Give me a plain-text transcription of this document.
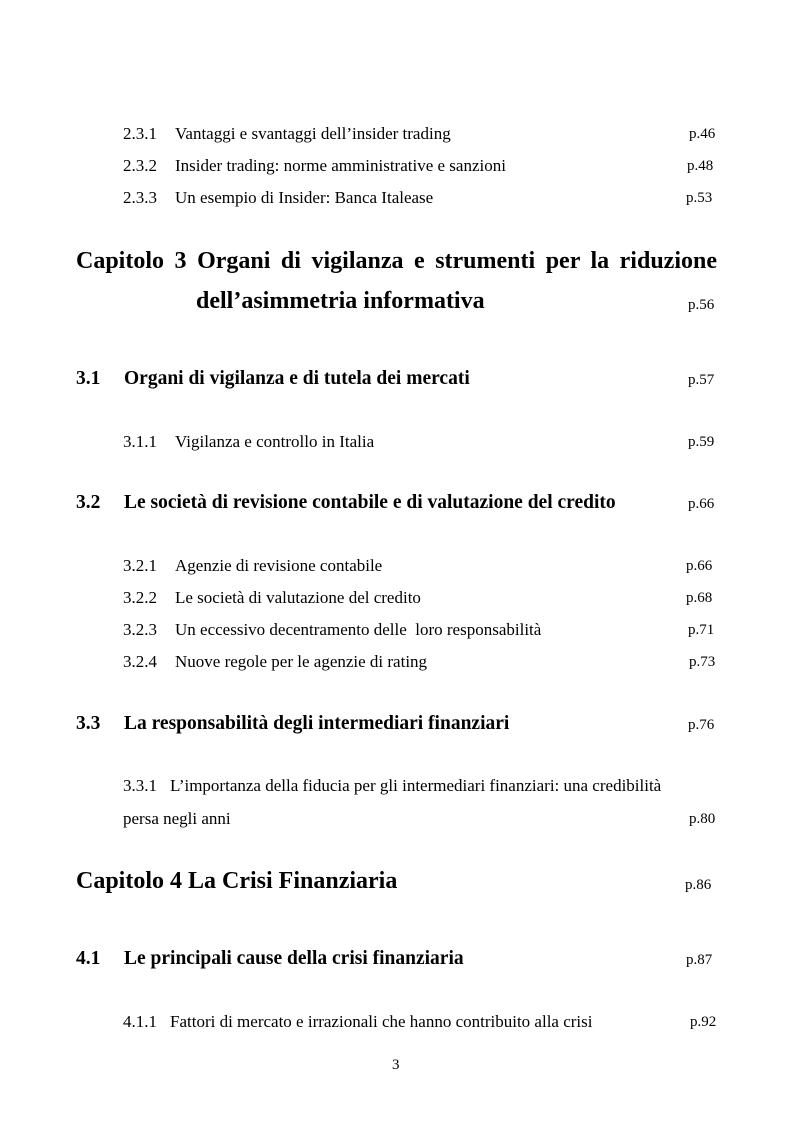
2.3.1 Vantaggi e svantaggi dell’insider trading	p.46
2.3.2 Insider trading: norme amministrative e sanzioni	p.48
2.3.3 Un esempio di Insider: Banca Italease	p.53
Capitolo 3 Organi di vigilanza e strumenti per la riduzione
dell’asimmetria informativa	p.56
3.1 Organi di vigilanza e di tutela dei mercati	p.57
3.1.1 Vigilanza e controllo in Italia	p.59
3.2 Le società di revisione contabile e di valutazione del credito	p.66
3.2.1 Agenzie di revisione contabile	p.66
3.2.2 Le società di valutazione del credito	p.68
3.2.3 Un eccessivo decentramento delle  loro responsabilità	p.71
3.2.4 Nuove regole per le agenzie di rating	p.73
3.3 La responsabilità degli intermediari finanziari	p.76
3.3.1 L’importanza della fiducia per gli intermediari finanziari: una credibilità
persa negli anni	p.80
Capitolo 4 La Crisi Finanziaria	p.86
4.1 Le principali cause della crisi finanziaria	p.87
4.1.1 Fattori di mercato e irrazionali che hanno contribuito alla crisi	p.92
3
